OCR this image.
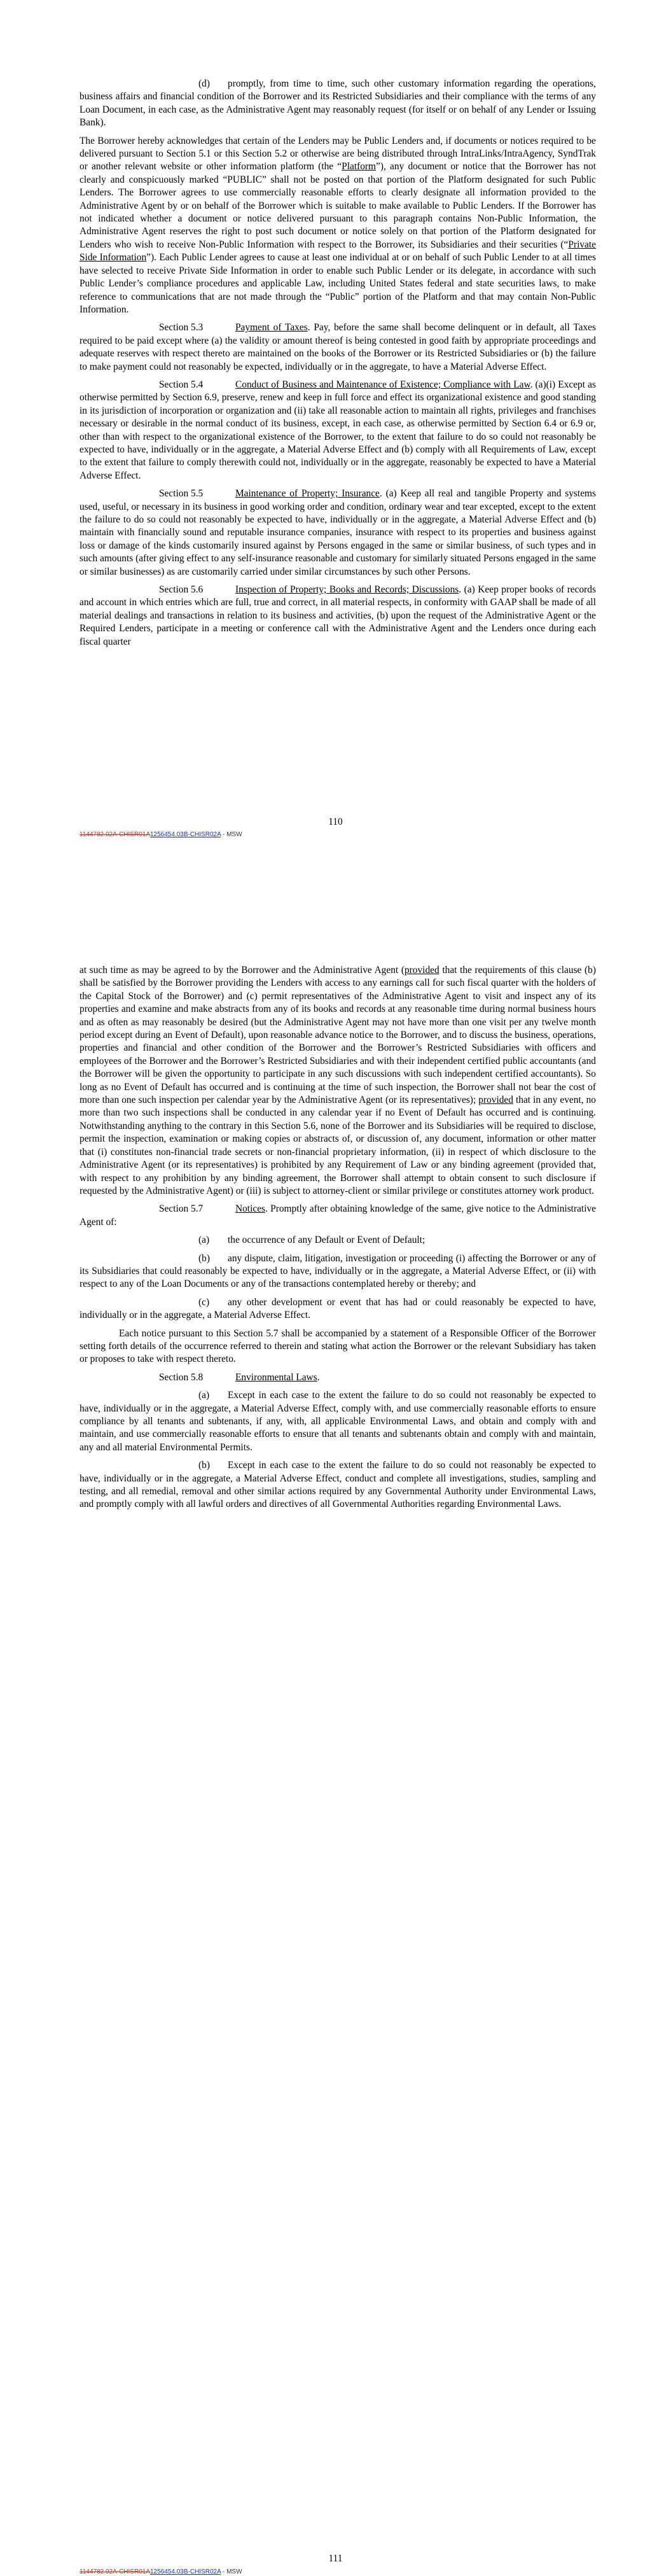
(d) promptly, from time to time, such other customary information regarding the operations, business affairs and financial condition of the Borrower and its Restricted Subsidiaries and their compliance with the terms of any Loan Document, in each case, as the Administrative Agent may reasonably request (for itself or on behalf of any Lender or Issuing Bank).

The Borrower hereby acknowledges that certain of the Lenders may be Public Lenders and, if documents or notices required to be delivered pursuant to Section 5.1 or this Section 5.2 or otherwise are being distributed through IntraLinks/IntraAgency, SyndTrak or another relevant website or other information platform (the “Platform”), any document or notice that the Borrower has not clearly and conspicuously marked “PUBLIC” shall not be posted on that portion of the Platform designated for such Public Lenders. The Borrower agrees to use commercially reasonable efforts to clearly designate all information provided to the Administrative Agent by or on behalf of the Borrower which is suitable to make available to Public Lenders. If the Borrower has not indicated whether a document or notice delivered pursuant to this paragraph contains Non-Public Information, the Administrative Agent reserves the right to post such document or notice solely on that portion of the Platform designated for Lenders who wish to receive Non-Public Information with respect to the Borrower, its Subsidiaries and their securities (“Private Side Information”). Each Public Lender agrees to cause at least one individual at or on behalf of such Public Lender to at all times have selected to receive Private Side Information in order to enable such Public Lender or its delegate, in accordance with such Public Lender’s compliance procedures and applicable Law, including United States federal and state securities laws, to make reference to communications that are not made through the “Public” portion of the Platform and that may contain Non-Public Information.

Section 5.3	Payment of Taxes. Pay, before the same shall become delinquent or in default, all Taxes required to be paid except where (a) the validity or amount thereof is being contested in good faith by appropriate proceedings and adequate reserves with respect thereto are maintained on the books of the Borrower or its Restricted Subsidiaries or (b) the failure to make payment could not reasonably be expected, individually or in the aggregate, to have a Material Adverse Effect.

Section 5.4	Conduct of Business and Maintenance of Existence; Compliance with Law. (a)(i) Except as otherwise permitted by Section 6.9, preserve, renew and keep in full force and effect its organizational existence and good standing in its jurisdiction of incorporation or organization and (ii) take all reasonable action to maintain all rights, privileges and franchises necessary or desirable in the normal conduct of its business, except, in each case, as otherwise permitted by Section 6.4 or 6.9 or, other than with respect to the organizational existence of the Borrower, to the extent that failure to do so could not reasonably be expected to have, individually or in the aggregate, a Material Adverse Effect and (b) comply with all Requirements of Law, except to the extent that failure to comply therewith could not, individually or in the aggregate, reasonably be expected to have a Material Adverse Effect.

Section 5.5	Maintenance of Property; Insurance. (a) Keep all real and tangible Property and systems used, useful, or necessary in its business in good working order and condition, ordinary wear and tear excepted, except to the extent the failure to do so could not reasonably be expected to have, individually or in the aggregate, a Material Adverse Effect and (b) maintain with financially sound and reputable insurance companies, insurance with respect to its properties and business against loss or damage of the kinds customarily insured against by Persons engaged in the same or similar business, of such types and in such amounts (after giving effect to any self-insurance reasonable and customary for similarly situated Persons engaged in the same or similar businesses) as are customarily carried under similar circumstances by such other Persons.

Section 5.6	Inspection of Property; Books and Records; Discussions. (a) Keep proper books of records and account in which entries which are full, true and correct, in all material respects, in conformity with GAAP shall be made of all material dealings and transactions in relation to its business and activities, (b) upon the request of the Administrative Agent or the Required Lenders, participate in a meeting or conference call with the Administrative Agent and the Lenders once during each fiscal quarter

110
1144782.02A-CHISR01A1256454.03B-CHISR02A - MSW

at such time as may be agreed to by the Borrower and the Administrative Agent (provided that the requirements of this clause (b) shall be satisfied by the Borrower providing the Lenders with access to any earnings call for such fiscal quarter with the holders of the Capital Stock of the Borrower) and (c) permit representatives of the Administrative Agent to visit and inspect any of its properties and examine and make abstracts from any of its books and records at any reasonable time during normal business hours and as often as may reasonably be desired (but the Administrative Agent may not have more than one visit per any twelve month period except during an Event of Default), upon reasonable advance notice to the Borrower, and to discuss the business, operations, properties and financial and other condition of the Borrower and the Borrower’s Restricted Subsidiaries with officers and employees of the Borrower and the Borrower’s Restricted Subsidiaries and with their independent certified public accountants (and the Borrower will be given the opportunity to participate in any such discussions with such independent certified accountants). So long as no Event of Default has occurred and is continuing at the time of such inspection, the Borrower shall not bear the cost of more than one such inspection per calendar year by the Administrative Agent (or its representatives); provided that in any event, no more than two such inspections shall be conducted in any calendar year if no Event of Default has occurred and is continuing. Notwithstanding anything to the contrary in this Section 5.6, none of the Borrower and its Subsidiaries will be required to disclose, permit the inspection, examination or making copies or abstracts of, or discussion of, any document, information or other matter that (i) constitutes non-financial trade secrets or non-financial proprietary information, (ii) in respect of which disclosure to the Administrative Agent (or its representatives) is prohibited by any Requirement of Law or any binding agreement (provided that, with respect to any prohibition by any binding agreement, the Borrower shall attempt to obtain consent to such disclosure if requested by the Administrative Agent) or (iii) is subject to attorney-client or similar privilege or constitutes attorney work product.

Section 5.7	Notices. Promptly after obtaining knowledge of the same, give notice to the Administrative Agent of:

(a) the occurrence of any Default or Event of Default;

(b) any dispute, claim, litigation, investigation or proceeding (i) affecting the Borrower or any of its Subsidiaries that could reasonably be expected to have, individually or in the aggregate, a Material Adverse Effect, or (ii) with respect to any of the Loan Documents or any of the transactions contemplated hereby or thereby; and

(c) any other development or event that has had or could reasonably be expected to have, individually or in the aggregate, a Material Adverse Effect.

Each notice pursuant to this Section 5.7 shall be accompanied by a statement of a Responsible Officer of the Borrower setting forth details of the occurrence referred to therein and stating what action the Borrower or the relevant Subsidiary has taken or proposes to take with respect thereto.

Section 5.8	Environmental Laws.

(a) Except in each case to the extent the failure to do so could not reasonably be expected to have, individually or in the aggregate, a Material Adverse Effect, comply with, and use commercially reasonable efforts to ensure compliance by all tenants and subtenants, if any, with, all applicable Environmental Laws, and obtain and comply with and maintain, and use commercially reasonable efforts to ensure that all tenants and subtenants obtain and comply with and maintain, any and all material Environmental Permits.

(b) Except in each case to the extent the failure to do so could not reasonably be expected to have, individually or in the aggregate, a Material Adverse Effect, conduct and complete all investigations, studies, sampling and testing, and all remedial, removal and other similar actions required by any Governmental Authority under Environmental Laws, and promptly comply with all lawful orders and directives of all Governmental Authorities regarding Environmental Laws.

111
1144782.02A-CHISR01A1256454.03B-CHISR02A - MSW
